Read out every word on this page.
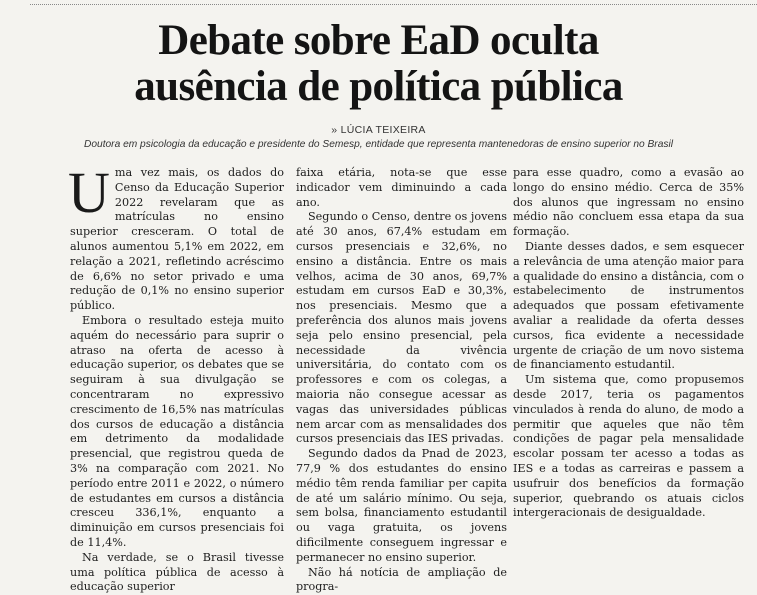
Debate sobre EaD oculta
ausência de política pública
» LÚCIA TEIXEIRA
Doutora em psicologia da educação e presidente do Semesp, entidade que representa mantenedoras de ensino superior no Brasil

Uma vez mais, os dados do Censo da Educação Superior 2022 revelaram que as matrículas no ensino superior cresceram. O total de alunos aumentou 5,1% em 2022, em relação a 2021, refletindo acréscimo de 6,6% no setor privado e uma redução de 0,1% no ensino superior público.

Embora o resultado esteja muito aquém do necessário para suprir o atraso na oferta de acesso à educação superior, os debates que se seguiram à sua divulgação se concentraram no expressivo crescimento de 16,5% nas matrículas dos cursos de educação a distância em detrimento da modalidade presencial, que registrou queda de 3% na comparação com 2021. No período entre 2011 e 2022, o número de estudantes em cursos a distância cresceu 336,1%, enquanto a diminuição em cursos presenciais foi de 11,4%.

Na verdade, se o Brasil tivesse uma política pública de acesso à educação superior

faixa etária, nota-se que esse indicador vem diminuindo a cada ano.

Segundo o Censo, dentre os jovens até 30 anos, 67,4% estudam em cursos presenciais e 32,6%, no ensino a distância. Entre os mais velhos, acima de 30 anos, 69,7% estudam em cursos EaD e 30,3%, nos presenciais. Mesmo que a preferência dos alunos mais jovens seja pelo ensino presencial, pela necessidade da vivência universitária, do contato com os professores e com os colegas, a maioria não consegue acessar as vagas das universidades públicas nem arcar com as mensalidades dos cursos presenciais das IES privadas.

Segundo dados da Pnad de 2023, 77,9 % dos estudantes do ensino médio têm renda familiar per capita de até um salário mínimo. Ou seja, sem bolsa, financiamento estudantil ou vaga gratuita, os jovens dificilmente conseguem ingressar e permanecer no ensino superior.

Não há notícia de ampliação de progra-

para esse quadro, como a evasão ao longo do ensino médio. Cerca de 35% dos alunos que ingressam no ensino médio não concluem essa etapa da sua formação.

Diante desses dados, e sem esquecer a relevância de uma atenção maior para a qualidade do ensino a distância, com o estabelecimento de instrumentos adequados que possam efetivamente avaliar a realidade da oferta desses cursos, fica evidente a necessidade urgente de criação de um novo sistema de financiamento estudantil.

Um sistema que, como propusemos desde 2017, teria os pagamentos vinculados à renda do aluno, de modo a permitir que aqueles que não têm condições de pagar pela mensalidade escolar possam ter acesso a todas as IES e a todas as carreiras e passem a usufruir dos benefícios da formação superior, quebrando os atuais ciclos intergeracionais de desigualdade.
